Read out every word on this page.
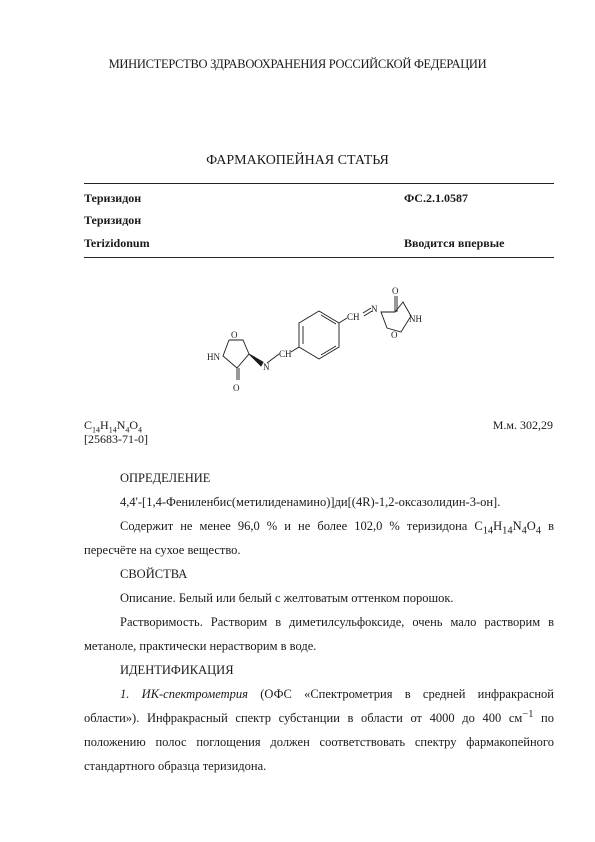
МИНИСТЕРСТВО ЗДРАВООХРАНЕНИЯ РОССИЙСКОЙ ФЕДЕРАЦИИ
ФАРМАКОПЕЙНАЯ СТАТЬЯ
Теризидон	ФС.2.1.0587
Теризидон
Terizidonum	Вводится впервые
O
HN
O
N
CH
CH
N
O
NH
O
$C_{14}H_{14}N_4O_4$	М.м. 302,29
[25683-71-0]
ОПРЕДЕЛЕНИЕ
4,4'-[1,4-Фениленбис(метилиденамино)]ди[(4R)-1,2-оксазолидин-3-он].
Содержит не менее 96,0 % и не более 102,0 % теризидона $C_{14}H_{14}N_4O_4$ в пересчёте на сухое вещество.
СВОЙСТВА
Описание. Белый или белый с желтоватым оттенком порошок.
Растворимость. Растворим в диметилсульфоксиде, очень мало растворим в метаноле, практически нерастворим в воде.
ИДЕНТИФИКАЦИЯ
1. ИК-спектрометрия (ОФС «Спектрометрия в средней инфракрасной области»). Инфракрасный спектр субстанции в области от 4000 до 400 $см^{-1}$ по положению полос поглощения должен соответствовать спектру фармакопейного стандартного образца теризидона.
